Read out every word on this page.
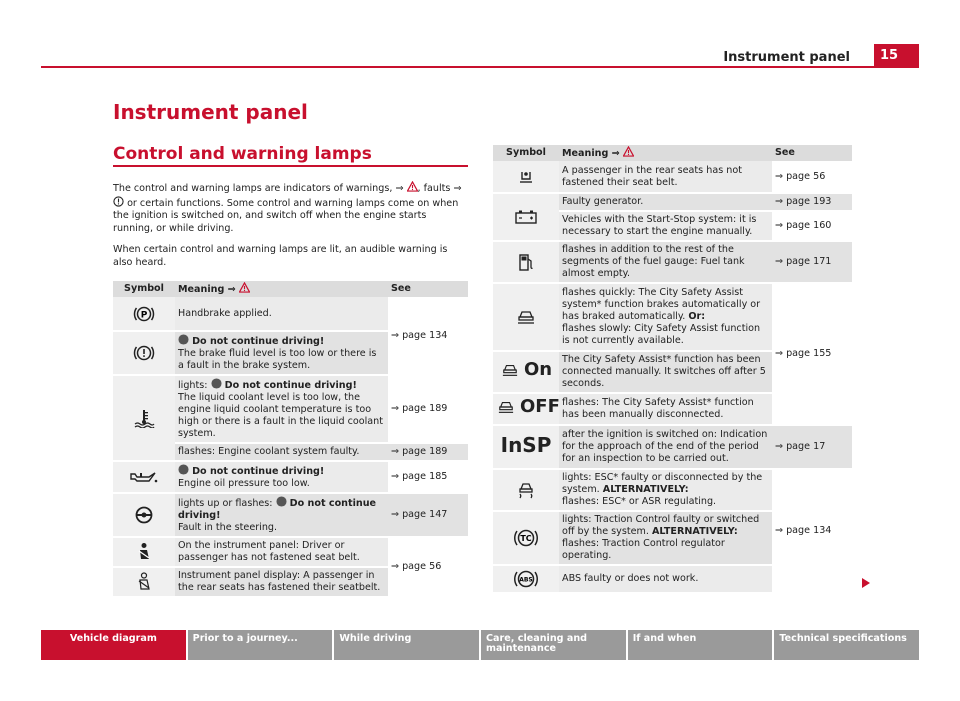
Instrument panel	15
Instrument panel
Control and warning lamps
The control and warning lamps are indicators of warnings, ⇒ , faults ⇒  or certain functions. Some control and warning lamps come on when the ignition is switched on, and switch off when the engine starts running, or while driving.
When certain control and warning lamps are lit, an audible warning is also heard.
Symbol	Meaning ⇒	See

P	Handbrake applied.	⇒ page 134

	Do not continue driving!
The brake fluid level is too low or there is a fault in the brake system.	

	lights:  Do not continue driving!
The liquid coolant level is too low, the engine liquid coolant temperature is too high or there is a fault in the liquid coolant system.	⇒ page 189
	flashes: Engine coolant system faulty.	⇒ page 189

	Do not continue driving!
Engine oil pressure too low.	⇒ page 185

	lights up or flashes:  Do not continue driving!
Fault in the steering.	⇒ page 147

	On the instrument panel: Driver or passenger has not fastened seat belt.	⇒ page 56

	Instrument panel display: A passenger in the rear seats has fastened their seatbelt.	
Symbol	Meaning ⇒	See

	A passenger in the rear seats has not fastened their seat belt.	⇒ page 56

	Faulty generator.	⇒ page 193
	Vehicles with the Start-Stop system: it is necessary to start the engine manually.	⇒ page 160

	flashes in addition to the rest of the segments of the fuel gauge: Fuel tank almost empty.	⇒ page 171

	flashes quickly: The City Safety Assist system* function brakes automatically or has braked automatically. Or:
flashes slowly: City Safety Assist function is not currently available.	⇒ page 155

On	The City Safety Assist* function has been connected manually. It switches off after 5 seconds.	

OFF	flashes: The City Safety Assist* function has been manually disconnected.	
InSP	after the ignition is switched on: Indication for the approach of the end of the period for an inspection to be carried out.	⇒ page 17

	lights: ESC* faulty or disconnected by the system. ALTERNATIVELY:
flashes: ESC* or ASR regulating.	⇒ page 134

TC	lights: Traction Control faulty or switched off by the system. ALTERNATIVELY:
flashes: Traction Control regulator operating.	

ABS	ABS faulty or does not work.	
Vehicle diagram	Prior to a journey...	While driving	Care, cleaning and maintenance
If and when	Technical specifications
